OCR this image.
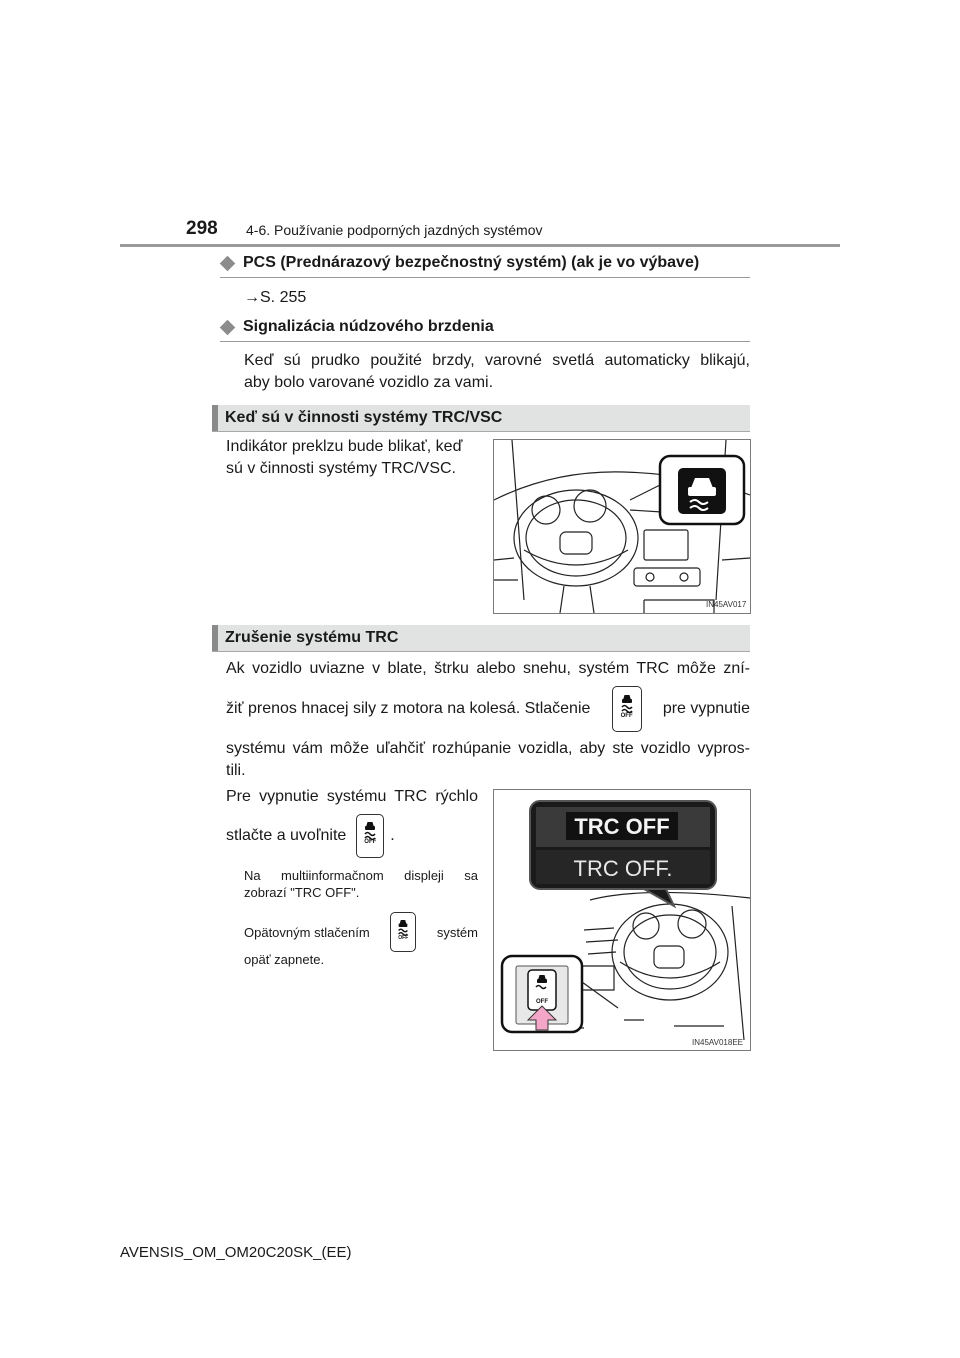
298 4-6. Používanie podporných jazdných systémov
PCS (Prednárazový bezpečnostný systém) (ak je vo výbave)
→S. 255
Signalizácia núdzového brzdenia
Keď sú prudko použité brzdy, varovné svetlá automaticky blikajú,
aby bolo varované vozidlo za vami.
Keď sú v činnosti systémy TRC/VSC
Indikátor preklzu bude blikať, keď
sú v činnosti systémy TRC/VSC.
IN45AV017
Zrušenie systému TRC
Ak vozidlo uviazne v blate, štrku alebo snehu, systém TRC môže zní-
žiť prenos hnacej sily z motora na kolesá. Stlačenie	OFF	pre vypnutie
systému vám môže uľahčiť rozhúpanie vozidla, aby ste vozidlo vypros-
tili.
Pre vypnutie systému TRC rýchlo
stlačte a uvoľnite	OFF .
Na multiinformačnom displeji sa
zobrazí "TRC OFF".
Opätovným stlačením	OFF	systém
opäť zapnete.
TRC OFF
TRC OFF.
OFF
IN45AV018EE
AVENSIS_OM_OM20C20SK_(EE)
